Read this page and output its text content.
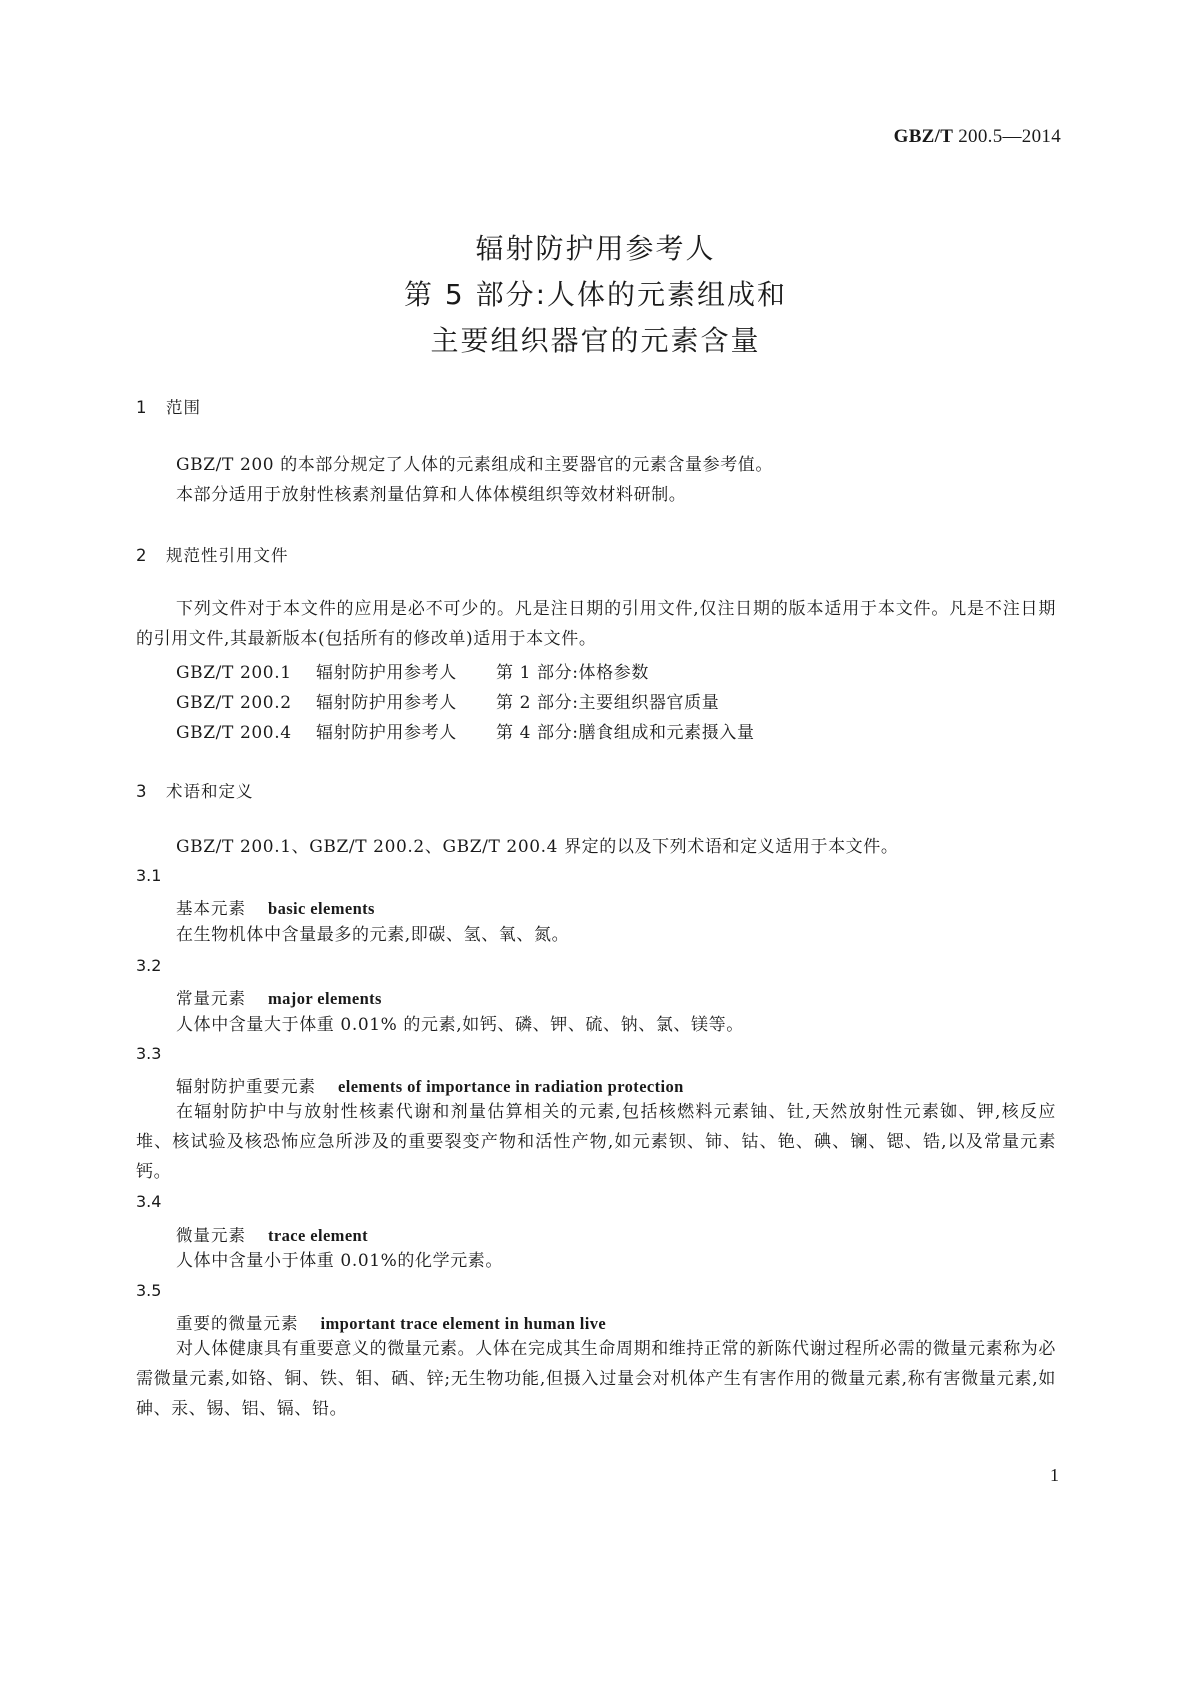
GBZ/T 200.5—2014
辐射防护用参考人
第 5 部分:人体的元素组成和
主要组织器官的元素含量
1 范围
GBZ/T 200 的本部分规定了人体的元素组成和主要器官的元素含量参考值。
本部分适用于放射性核素剂量估算和人体体模组织等效材料研制。
2 规范性引用文件
下列文件对于本文件的应用是必不可少的。凡是注日期的引用文件,仅注日期的版本适用于本文件。凡是不注日期的引用文件,其最新版本(包括所有的修改单)适用于本文件。
GBZ/T 200.1 辐射防护用参考人 第 1 部分:体格参数
GBZ/T 200.2 辐射防护用参考人 第 2 部分:主要组织器官质量
GBZ/T 200.4 辐射防护用参考人 第 4 部分:膳食组成和元素摄入量
3 术语和定义
GBZ/T 200.1、GBZ/T 200.2、GBZ/T 200.4 界定的以及下列术语和定义适用于本文件。
3.1
基本元素 basic elements
在生物机体中含量最多的元素,即碳、氢、氧、氮。
3.2
常量元素 major elements
人体中含量大于体重 0.01% 的元素,如钙、磷、钾、硫、钠、氯、镁等。
3.3
辐射防护重要元素 elements of importance in radiation protection
在辐射防护中与放射性核素代谢和剂量估算相关的元素,包括核燃料元素铀、钍,天然放射性元素铷、钾,核反应堆、核试验及核恐怖应急所涉及的重要裂变产物和活性产物,如元素钡、铈、钴、铯、碘、镧、锶、锆,以及常量元素钙。
3.4
微量元素 trace element
人体中含量小于体重 0.01%的化学元素。
3.5
重要的微量元素 important trace element in human live
对人体健康具有重要意义的微量元素。人体在完成其生命周期和维持正常的新陈代谢过程所必需的微量元素称为必需微量元素,如铬、铜、铁、钼、硒、锌;无生物功能,但摄入过量会对机体产生有害作用的微量元素,称有害微量元素,如砷、汞、锡、铝、镉、铅。
1
